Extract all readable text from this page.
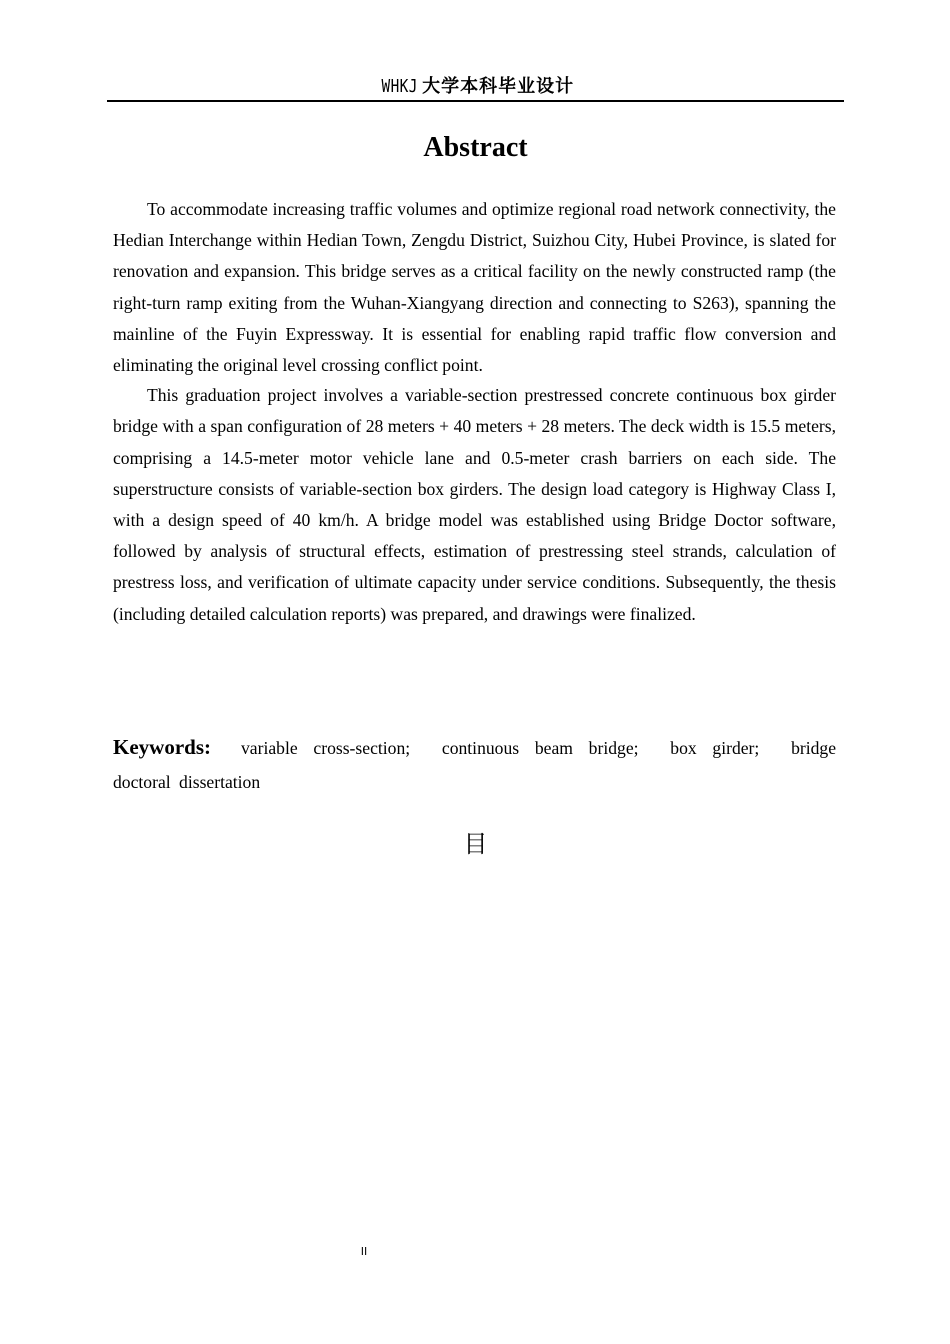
WHKJ 大学本科毕业设计
Abstract

To accommodate increasing traffic volumes and optimize regional road network connectivity, the Hedian Interchange within Hedian Town, Zengdu District, Suizhou City, Hubei Province, is slated for renovation and expansion. This bridge serves as a critical facility on the newly constructed ramp (the right-turn ramp exiting from the Wuhan-Xiangyang direction and connecting to S263), spanning the mainline of the Fuyin Expressway. It is essential for enabling rapid traffic flow conversion and eliminating the original level crossing conflict point.

This graduation project involves a variable-section prestressed concrete continuous box girder bridge with a span configuration of 28 meters + 40 meters + 28 meters. The deck width is 15.5 meters, comprising a 14.5-meter motor vehicle lane and 0.5-meter crash barriers on each side. The superstructure consists of variable-section box girders. The design load category is Highway Class I, with a design speed of 40 km/h. A bridge model was established using Bridge Doctor software, followed by analysis of structural effects, estimation of prestressing steel strands, calculation of prestress loss, and verification of ultimate capacity under service conditions. Subsequently, the thesis (including detailed calculation reports) was prepared, and drawings were finalized.

Keywords: variable cross-section; continuous beam bridge; box girder; bridge doctoral dissertation
目
II
